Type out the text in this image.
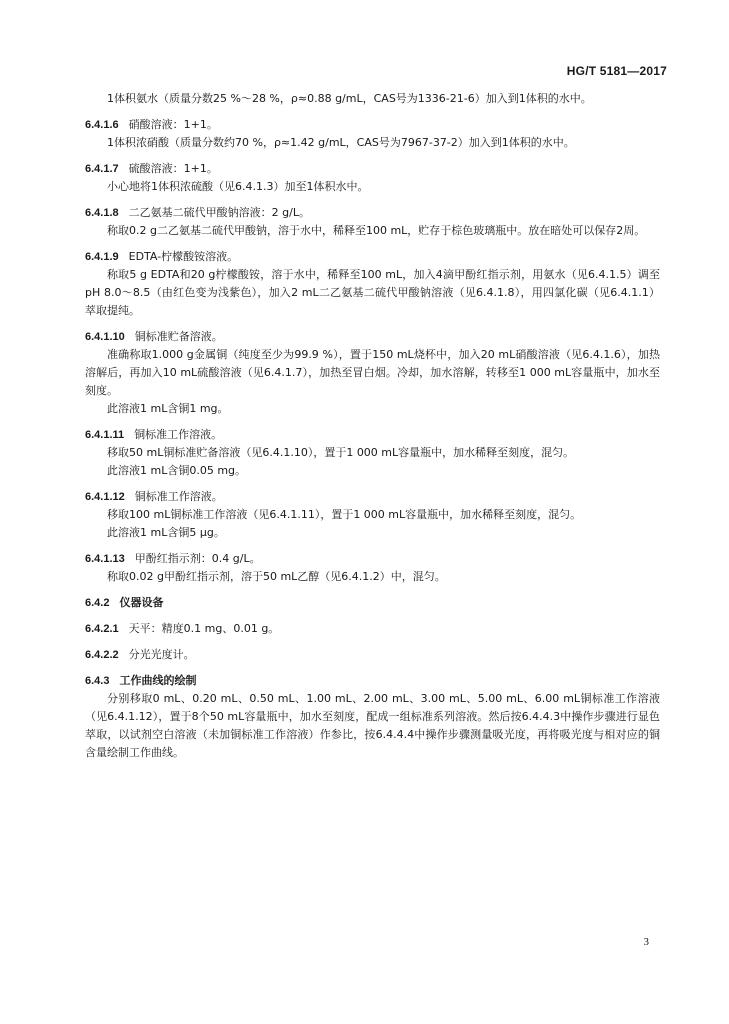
HG/T 5181—2017

1体积氨水（质量分数25 %～28 %，ρ≈0.88 g/mL，CAS号为1336-21-6）加入到1体积的水中。

6.4.1.6 硝酸溶液：1+1。

1体积浓硝酸（质量分数约70 %，ρ≈1.42 g/mL，CAS号为7967-37-2）加入到1体积的水中。

6.4.1.7 硫酸溶液：1+1。

小心地将1体积浓硫酸（见6.4.1.3）加至1体积水中。

6.4.1.8 二乙氨基二硫代甲酸钠溶液：2 g/L。

称取0.2 g二乙氨基二硫代甲酸钠，溶于水中，稀释至100 mL，贮存于棕色玻璃瓶中。放在暗处可以保存2周。

6.4.1.9 EDTA-柠檬酸铵溶液。

称取5 g EDTA和20 g柠檬酸铵，溶于水中，稀释至100 mL，加入4滴甲酚红指示剂，用氨水（见6.4.1.5）调至pH 8.0～8.5（由红色变为浅紫色），加入2 mL二乙氨基二硫代甲酸钠溶液（见6.4.1.8），用四氯化碳（见6.4.1.1）萃取提纯。

6.4.1.10 铜标准贮备溶液。

准确称取1.000 g金属铜（纯度至少为99.9 %），置于150 mL烧杯中，加入20 mL硝酸溶液（见6.4.1.6），加热溶解后，再加入10 mL硫酸溶液（见6.4.1.7），加热至冒白烟。冷却，加水溶解，转移至1 000 mL容量瓶中，加水至刻度。

此溶液1 mL含铜1 mg。

6.4.1.11 铜标准工作溶液。

移取50 mL铜标准贮备溶液（见6.4.1.10），置于1 000 mL容量瓶中，加水稀释至刻度，混匀。

此溶液1 mL含铜0.05 mg。

6.4.1.12 铜标准工作溶液。

移取100 mL铜标准工作溶液（见6.4.1.11），置于1 000 mL容量瓶中，加水稀释至刻度，混匀。

此溶液1 mL含铜5 μg。

6.4.1.13 甲酚红指示剂：0.4 g/L。

称取0.02 g甲酚红指示剂，溶于50 mL乙醇（见6.4.1.2）中，混匀。

6.4.2 仪器设备
6.4.2.1 天平：精度0.1 mg、0.01 g。
6.4.2.2 分光光度计。
6.4.3 工作曲线的绘制

分别移取0 mL、0.20 mL、0.50 mL、1.00 mL、2.00 mL、3.00 mL、5.00 mL、6.00 mL铜标准工作溶液（见6.4.1.12），置于8个50 mL容量瓶中，加水至刻度，配成一组标准系列溶液。然后按6.4.4.3中操作步骤进行显色萃取，以试剂空白溶液（未加铜标准工作溶液）作参比，按6.4.4.4中操作步骤测量吸光度，再将吸光度与相对应的铜含量绘制工作曲线。

3
